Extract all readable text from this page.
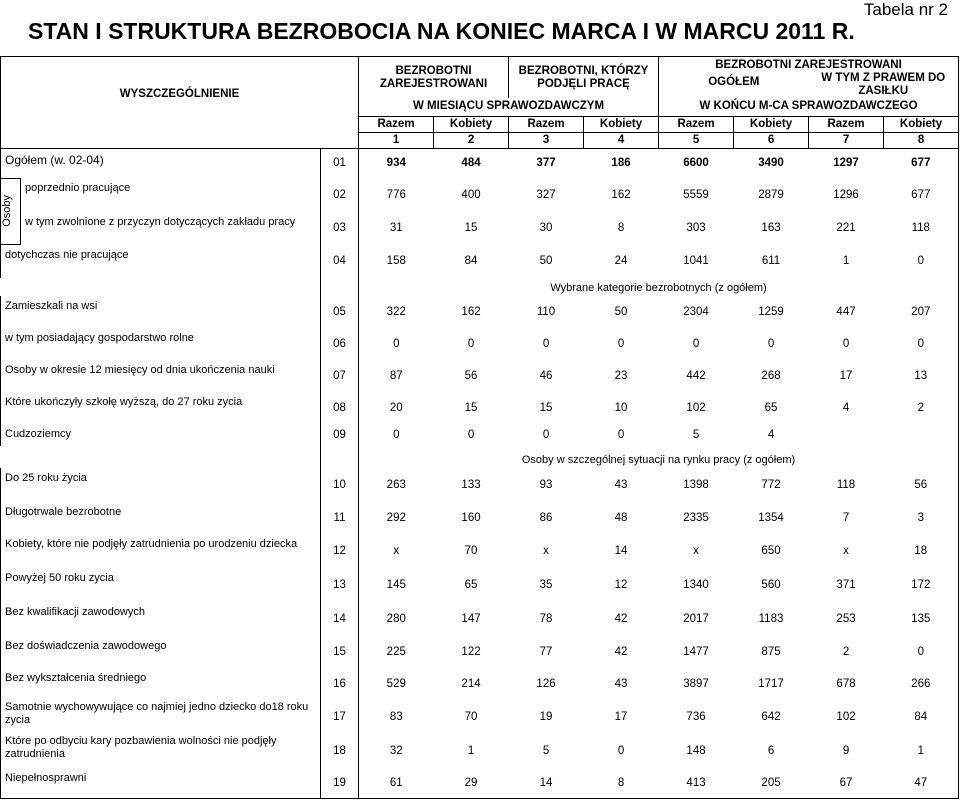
STAN I STRUKTURA BEZROBOCIA NA KONIEC MARCA I W MARCU 2011 R.
Tabela nr 2
WYSZCZEGÓLNIENIE			BEZROBOTNI ZAREJESTROWANI		BEZROBOTNI, KTÓRZY PODJĘLI PRACĘ		BEZROBOTNI ZAREJESTROWANI
OGÓŁEM W TYM Z PRAWEM DO ZASIŁKU			

			W MIESIĄCU SPRAWOZDAWCZYM				W KOŃCU M-CA SPRAWOZDAWCZEGO			
			Razem	Kobiety	Razem	Kobiety	Razem	Kobiety	Razem	Kobiety
			1	2	3	4	5	6	7	8
Ogółem (w. 02-04)		01	934	484	377	186	6600	3490	1297	677

Osoby	poprzednio pracujące	02	776	400	327	162	5559	2879	1296	677
	w tym zwolnione z przyczyn dotyczących zakładu pracy	03	31	15	30	8	303	163	221	118
dotychczas nie pracujące		04	158	84	50	24	1041	611	1	0
			Wybrane kategorie bezrobotnych (z ogółem)							
Zamieszkali na wsi		05	322	162	110	50	2304	1259	447	207
w tym posiadający gospodarstwo rolne		06	0	0	0	0	0	0	0	0
Osoby w okresie 12 miesięcy od dnia ukończenia nauki		07	87	56	46	23	442	268	17	13
Które ukończyły szkołę wyższą, do 27 roku zycia		08	20	15	15	10	102	65	4	2
Cudzoziemcy		09	0	0	0	0	5	4		
			Osoby w szczególnej sytuacji na rynku pracy (z ogółem)							
Do 25 roku życia		10	263	133	93	43	1398	772	118	56
Długotrwale bezrobotne		11	292	160	86	48	2335	1354	7	3
Kobiety, które nie podjęły zatrudnienia po urodzeniu dziecka		12	x	70	x	14	x	650	x	18
Powyżej 50 roku zycia		13	145	65	35	12	1340	560	371	172
Bez kwalifikacji zawodowych		14	280	147	78	42	2017	1183	253	135
Bez doświadczenia zawodowego		15	225	122	77	42	1477	875	2	0
Bez wykształcenia średniego		16	529	214	126	43	3897	1717	678	266
Samotnie wychowywujące co najmiej jedno dziecko do18 roku zycia		17	83	70	19	17	736	642	102	84
Które po odbyciu kary pozbawienia wolności nie podjęły zatrudnienia		18	32	1	5	0	148	6	9	1
Niepełnosprawni		19	61	29	14	8	413	205	67	47
